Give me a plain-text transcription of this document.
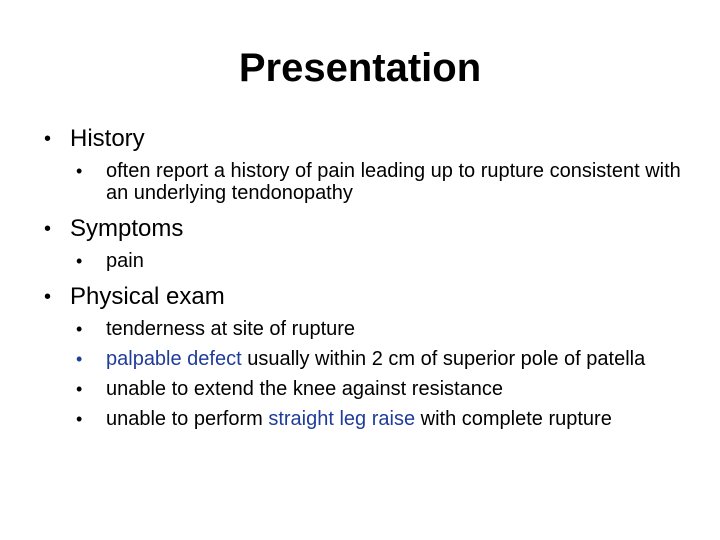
Presentation
• History
• often report a history of pain leading up to rupture consistent with an underlying tendonopathy
• Symptoms
• pain
• Physical exam
• tenderness at site of rupture
• palpable defect usually within 2 cm of superior pole of patella
• unable to extend the knee against resistance
• unable to perform straight leg raise with complete rupture
